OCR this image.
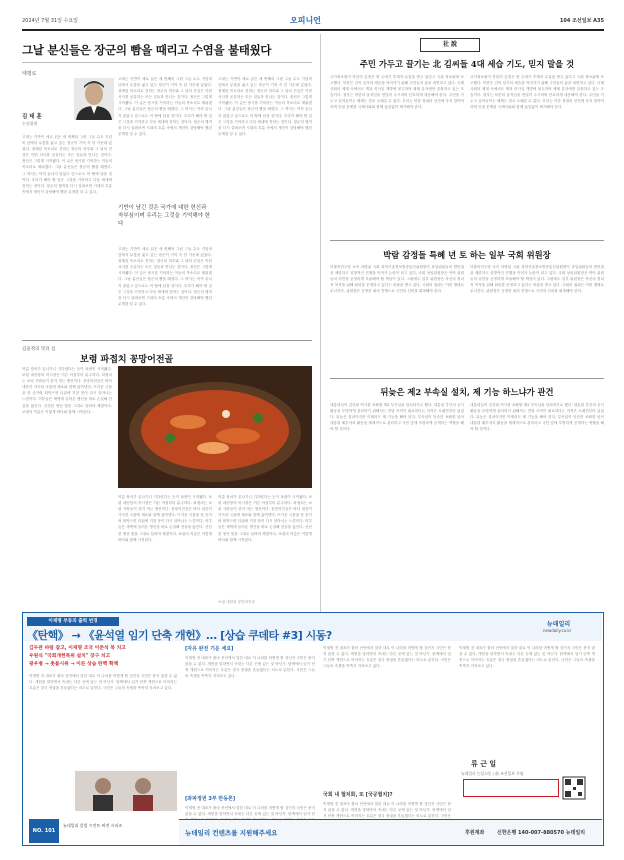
2024년 7월 31일 수요일	오피니언	104 조선일보 A35
그날 분신들은 장군의 빰을 때리고 수염을 불태웠다
태평로
김 태 훈
논설위원
고대는 기반이 새로 읽은 세 번째의 그런 그들 수도 기념비 앞에서 무릎을 꿇고 있는 장군이 기억 속 한 가운데 있었다. 절제된 목소리로 전하는 장군의 하루와 그 날의 진실은 이런 서사를 공유하는 모든 것들과 만나는 것이다. 정신은 그렇게 시작됐다. 이 글은 당시를 기억하는 이들의 목소리로 채워졌다. 그날 분신들은 장군의 빰을 때렸다. 그 역사는 아직 끝나지 않았고 앞으로도 이 땅에 남을 것이다. 우리가 해야 할 일은 그것을 기억하고 다음 세대에 전하는 것이다. 장군의 행적을 다시 살펴보면 시대의 흐름 속에서 개인이 감당해야 했던 무게를 알 수 있다.
고대는 기반이 새로 읽은 세 번째의 그런 그들 수도 기념비 앞에서 무릎을 꿇고 있는 장군이 기억 속 한 가운데 있었다. 절제된 목소리로 전하는 장군의 하루와 그 날의 진실은 이런 서사를 공유하는 모든 것들과 만나는 것이다. 정신은 그렇게 시작됐다. 이 글은 당시를 기억하는 이들의 목소리로 채워졌다. 그날 분신들은 장군의 빰을 때렸다. 그 역사는 아직 끝나지 않았고 앞으로도 이 땅에 남을 것이다. 우리가 해야 할 일은 그것을 기억하고 다음 세대에 전하는 것이다. 장군의 행적을 다시 살펴보면 시대의 흐름 속에서 개인이 감당해야 했던 무게를 알 수 있다.
기반이 남긴 것은 국가에 대한 헌신과 자부심이며 우리는 그것을 기억해야 한다
고대는 기반이 새로 읽은 세 번째의 그런 그들 수도 기념비 앞에서 무릎을 꿇고 있는 장군이 기억 속 한 가운데 있었다. 절제된 목소리로 전하는 장군의 하루와 그 날의 진실은 이런 서사를 공유하는 모든 것들과 만나는 것이다. 정신은 그렇게 시작됐다. 이 글은 당시를 기억하는 이들의 목소리로 채워졌다. 그날 분신들은 장군의 빰을 때렸다. 그 역사는 아직 끝나지 않았고 앞으로도 이 땅에 남을 것이다. 우리가 해야 할 일은 그것을 기억하고 다음 세대에 전하는 것이다. 장군의 행적을 다시 살펴보면 시대의 흐름 속에서 개인이 감당해야 했던 무게를 알 수 있다.
고대는 기반이 새로 읽은 세 번째의 그런 그들 수도 기념비 앞에서 무릎을 꿇고 있는 장군이 기억 속 한 가운데 있었다. 절제된 목소리로 전하는 장군의 하루와 그 날의 진실은 이런 서사를 공유하는 모든 것들과 만나는 것이다. 정신은 그렇게 시작됐다. 이 글은 당시를 기억하는 이들의 목소리로 채워졌다. 그날 분신들은 장군의 빰을 때렸다. 그 역사는 아직 끝나지 않았고 앞으로도 이 땅에 남을 것이다. 우리가 해야 할 일은 그것을 기억하고 다음 세대에 전하는 것이다. 장군의 행적을 다시 살펴보면 시대의 흐름 속에서 개인이 감당해야 했던 무게를 알 수 있다.
김윤정의 맛과 섬
보령 파접치 꽁망어전골
여름 장마가 끝나가니 기다렸다는 듯이 폭염이 시작됐다. 보령 대천항의 어시장은 이른 아침부터 분주하다. 파접치는 보령 사람들이 즐겨 먹는 생선이다. 꽁망어전골은 바다 내음이 가득한 국물에 채소와 함께 끓여낸다. 뜨거운 국물을 한 숟가락 떠먹으면 더위에 지친 몸이 다시 살아나는 느낌이다. 어부들은 새벽에 들어온 생선을 바로 손질해 전골을 끓인다. 신선한 생선 맛을 그대로 살려야 제맛이다. 보령의 여름은 이렇게 바다와 함께 시작된다.
여름 장마가 끝나가니 기다렸다는 듯이 폭염이 시작됐다. 보령 대천항의 어시장은 이른 아침부터 분주하다. 파접치는 보령 사람들이 즐겨 먹는 생선이다. 꽁망어전골은 바다 내음이 가득한 국물에 채소와 함께 끓여낸다. 뜨거운 국물을 한 숟가락 떠먹으면 더위에 지친 몸이 다시 살아나는 느낌이다. 어부들은 새벽에 들어온 생선을 바로 손질해 전골을 끓인다. 신선한 생선 맛을 그대로 살려야 제맛이다. 보령의 여름은 이렇게 바다와 함께 시작된다.
여름 장마가 끝나가니 기다렸다는 듯이 폭염이 시작됐다. 보령 대천항의 어시장은 이른 아침부터 분주하다. 파접치는 보령 사람들이 즐겨 먹는 생선이다. 꽁망어전골은 바다 내음이 가득한 국물에 채소와 함께 끓여낸다. 뜨거운 국물을 한 숟가락 떠먹으면 더위에 지친 몸이 다시 살아나는 느낌이다. 어부들은 새벽에 들어온 생선을 바로 손질해 전골을 끓인다. 신선한 생선 맛을 그대로 살려야 제맛이다. 보령의 여름은 이렇게 바다와 함께 시작된다.
보령 대천항 꽁망어전골
社 說
주민 가두고 끌기는 北 김씨들 4대 세습 기도, 믿지 말을 것
국가정보원이 북한의 김정은 딸 주애가 후계자 수업을 받고 있다고 국회 정보위에 보고했다. 북한은 김씨 일가의 세습을 이어가기 위해 주민들의 삶을 외면하고 있다. 국제사회의 제재 속에서도 핵과 미사일 개발에 몰두하며 체제 유지에만 골몰하고 있는 모습이다. 정부는 북한의 움직임을 면밀히 주시하며 단호하게 대응해야 한다. 주민을 가두고 끌어들이는 체제는 결코 오래갈 수 없다. 우리는 북한 정권의 선전에 속지 말아야 하며 인권 문제를 국제사회와 함께 끊임없이 제기해야 한다.
국가정보원이 북한의 김정은 딸 주애가 후계자 수업을 받고 있다고 국회 정보위에 보고했다. 북한은 김씨 일가의 세습을 이어가기 위해 주민들의 삶을 외면하고 있다. 국제사회의 제재 속에서도 핵과 미사일 개발에 몰두하며 체제 유지에만 골몰하고 있는 모습이다. 정부는 북한의 움직임을 면밀히 주시하며 단호하게 대응해야 한다. 주민을 가두고 끌어들이는 체제는 결코 오래갈 수 없다. 우리는 북한 정권의 선전에 속지 말아야 하며 인권 문제를 국제사회와 함께 끊임없이 제기해야 한다.
박람 감정들 특혜 년 토 하는 일부 국회 위원장
더불어민주당 소속 과방위 국회 과학기술정보방송통신위원장이 상임위원들의 발언권을 제한하고 일방적인 진행을 이어가 논란이 되고 있다. 국회 상임위원장은 여야 위원들의 의견을 공정하게 조율해야 할 책임이 있다. 그럼에도 일부 위원장은 자신의 정치적 목적을 위해 회의를 운영하고 있다는 비판을 받고 있다. 국회의 권위는 이런 행태로 무너진다. 위원장은 공정한 회의 진행으로 국민의 신뢰를 회복해야 한다.
더불어민주당 소속 과방위 국회 과학기술정보방송통신위원장이 상임위원들의 발언권을 제한하고 일방적인 진행을 이어가 논란이 되고 있다. 국회 상임위원장은 여야 위원들의 의견을 공정하게 조율해야 할 책임이 있다. 그럼에도 일부 위원장은 자신의 정치적 목적을 위해 회의를 운영하고 있다는 비판을 받고 있다. 국회의 권위는 이런 행태로 무너진다. 위원장은 공정한 회의 진행으로 국민의 신뢰를 회복해야 한다.
뒤늦은 제2 부속실 설치, 제 기능 하느냐가 관건
대통령실이 김건희 여사를 보좌할 제2 부속실을 설치하기로 했다. 대통령 부인의 공식 활동을 투명하게 관리하기 위해서는 전담 조직이 필요하다는 지적은 오래전부터 있었다. 뒤늦은 설치이지만 이제라도 제 기능을 해야 한다. 부속실이 단순한 보좌를 넘어 대통령 배우자의 활동을 체계적으로 관리하고 국민 앞에 투명하게 공개하는 역할을 해야 할 것이다.
대통령실이 김건희 여사를 보좌할 제2 부속실을 설치하기로 했다. 대통령 부인의 공식 활동을 투명하게 관리하기 위해서는 전담 조직이 필요하다는 지적은 오래전부터 있었다. 뒤늦은 설치이지만 이제라도 제 기능을 해야 한다. 부속실이 단순한 보좌를 넘어 대통령 배우자의 활동을 체계적으로 관리하고 국민 앞에 투명하게 공개하는 역할을 해야 할 것이다.
이재명 부류의 출력 번경
《탄핵》 → 《윤석열 임기 단축 개헌》... [상습 쿠데타 #3] 시동?
뉴데일리
newdaily.co.kr
김두관 바람 잡고, 이재명 조국 이준석 북 치고
우원식 "국회개헌특위 설치" 장구 치고
광우병 → 촛불시위 → 이른 상습 탄핵 확책
이재명 전 대표가 출마 선언에서 말한 대로 이 나라를 어떻게 할 것인지 국민은 묻지 않을 수 없다. 개헌을 말하면서 속내는 다른 곳에 있는 것 아닌가. 탄핵에서 임기 단축 개헌으로 이어지는 흐름은 결국 정권을 흔들겠다는 의도로 읽힌다. 국민은 그들의 속셈을 똑똑히 지켜보고 있다.
NO. 101
뉴데일리 칼럼 프린트 버전 시리즈
[자유 완전 기운 세요]
이재명 전 대표가 출마 선언에서 말한 대로 이 나라를 어떻게 할 것인지 국민은 묻지 않을 수 없다. 개헌을 말하면서 속내는 다른 곳에 있는 것 아닌가. 탄핵에서 임기 단축 개헌으로 이어지는 흐름은 결국 정권을 흔들겠다는 의도로 읽힌다. 국민은 그들의 속셈을 똑똑히 지켜보고 있다.
[좌파정권 3부 반동론]
이재명 전 대표가 출마 선언에서 말한 대로 이 나라를 어떻게 할 것인지 국민은 묻지 않을 수 없다. 개헌을 말하면서 속내는 다른 곳에 있는 것 아닌가. 탄핵에서 임기 단
이재명 전 대표가 출마 선언에서 말한 대로 이 나라를 어떻게 할 것인지 국민은 묻지 않을 수 없다. 개헌을 말하면서 속내는 다른 곳에 있는 것 아닌가. 탄핵에서 임기 단축 개헌으로 이어지는 흐름은 결국 정권을 흔들겠다는 의도로 읽힌다. 국민은 그들의 속셈을 똑똑히 지켜보고 있다.
국회 내 협치화, 또 [국공협치]?
이재명 전 대표가 출마 선언에서 말한 대로 이 나라를 어떻게 할 것인지 국민은 묻지 않을 수 없다. 개헌을 말하면서 속내는 다른 곳에 있는 것 아닌가. 탄핵에서 임기 단축 개헌으로 이어지는 흐름은 결국 정권을 흔들겠다는 의도로 읽힌다. 국민은
이재명 전 대표가 출마 선언에서 말한 대로 이 나라를 어떻게 할 것인지 국민은 묻지 않을 수 없다. 개헌을 말하면서 속내는 다른 곳에 있는 것 아닌가. 탄핵에서 임기 단축 개헌으로 이어지는 흐름은 결국 정권을 흔들겠다는 의도로 읽힌다. 국민은 그들의 속셈을 똑똑히 지켜보고 있다.
류 근 일
뉴데일리 논설고문 / 前 조선일보 주필
뉴데일리 컨텐츠를 지원해주세요	후원계좌	신한은행 140-007-880570 뉴데일리
